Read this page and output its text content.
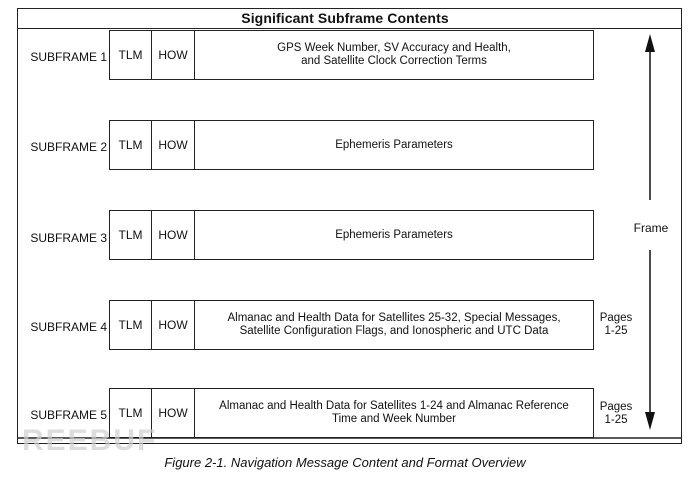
Significant Subframe Contents
SUBFRAME 1 TLM	HOW	GPS Week Number, SV Accuracy and Health,
and Satellite Clock Correction Terms
SUBFRAME 2 TLM	HOW	Ephemeris Parameters
SUBFRAME 3 TLM	HOW	Ephemeris Parameters
SUBFRAME 4 TLM	HOW	Almanac and Health Data for Satellites 25-32, Special Messages,
Satellite Configuration Flags, and Ionospheric and UTC Data
Pages
1-25
SUBFRAME 5 TLM	HOW	Almanac and Health Data for Satellites 1-24 and Almanac Reference
Time and Week Number
Pages
1-25
Frame
REEBUF
Figure 2-1. Navigation Message Content and Format Overview
